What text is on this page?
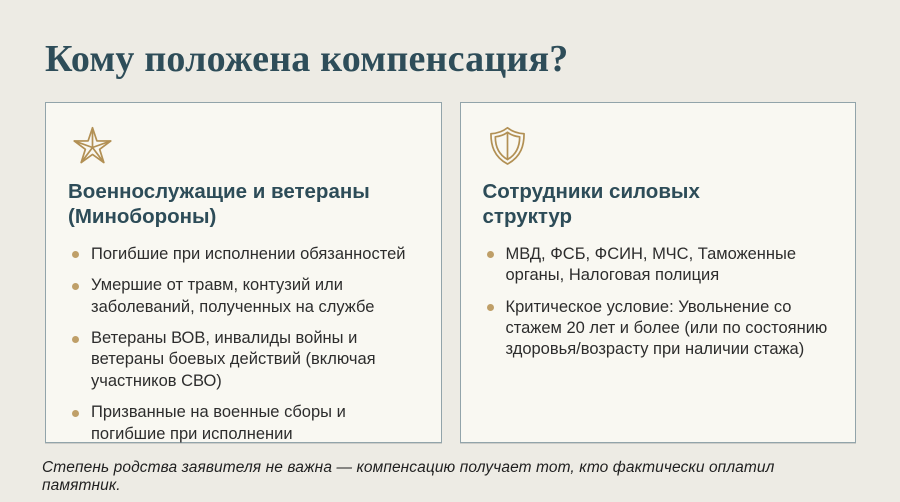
Кому положена компенсация?
Военнослужащие и ветераны (Минобороны)
Погибшие при исполнении обязанностей
Умершие от травм, контузий или заболеваний, полученных на службе
Ветераны ВОВ, инвалиды войны и ветераны боевых действий (включая участников СВО)
Призванные на военные сборы и погибшие при исполнении
Сотрудники силовых структур
МВД, ФСБ, ФСИН, МЧС, Таможенные органы, Налоговая полиция
Критическое условие: Увольнение со стажем 20 лет и более (или по состоянию здоровья/возрасту при наличии стажа)

Степень родства заявителя не важна — компенсацию получает тот, кто фактически оплатил памятник.
